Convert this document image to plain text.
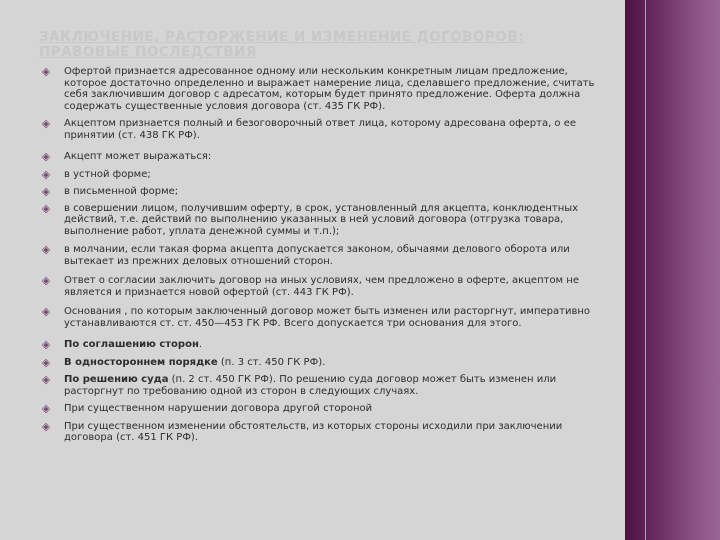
ЗАКЛЮЧЕНИЕ, РАСТОРЖЕНИЕ И ИЗМЕНЕНИЕ ДОГОВОРОВ: ПРАВОВЫЕ ПОСЛЕДСТВИЯ
◈ Офертой признается адресованное одному или нескольким конкретным лицам предложение, которое достаточно определенно и выражает намерение лица, сделавшего предложение, считать себя заключившим договор с адресатом, которым будет принято предложение. Оферта должна содержать существенные условия договора (ст. 435 ГК РФ).
◈ Акцептом признается полный и безоговорочный ответ лица, которому адресована оферта, о ее принятии (ст. 438 ГК РФ).
◈ Акцепт может выражаться:
◈ в устной форме;
◈ в письменной форме;
◈ в совершении лицом, получившим оферту, в срок, установленный для акцепта, конклюдентных действий, т.е. действий по выполнению указанных в ней условий договора (отгрузка товара, выполнение работ, уплата денежной суммы и т.п.);
◈ в молчании, если такая форма акцепта допускается законом, обычаями делового оборота или вытекает из прежних деловых отношений сторон.
◈ Ответ о согласии заключить договор на иных условиях, чем предложено в оферте, акцептом не является и признается новой офертой (ст. 443 ГК РФ).
◈ Основания , по которым заключенный договор может быть изменен или расторгнут, императивно устанавливаются ст. ст. 450—453 ГК РФ. Всего допускается три основания для этого.
◈ По соглашению сторон.
◈ В одностороннем порядке (п. 3 ст. 450 ГК РФ).
◈ По решению суда (п. 2 ст. 450 ГК РФ). По решению суда договор может быть изменен или расторгнут по требованию одной из сторон в следующих случаях.
◈ При существенном нарушении договора другой стороной
◈ При существенном изменении обстоятельств, из которых стороны исходили при заключении договора (ст. 451 ГК РФ).
